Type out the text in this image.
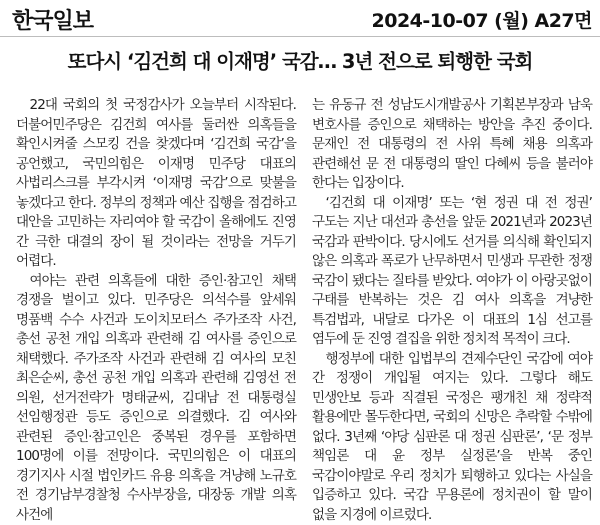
한국일보	2024-10-07 (월) A27면
또다시 ‘김건희 대 이재명’ 국감… 3년 전으로 퇴행한 국회

22대 국회의 첫 국정감사가 오늘부터 시작된다. 더불어민주당은 김건희 여사를 둘러싼 의혹들을 확인시켜줄 스모킹 건을 찾겠다며 ‘김건희 국감’을 공언했고, 국민의힘은 이재명 민주당 대표의 사법리스크를 부각시켜 ‘이재명 국감’으로 맞불을 놓겠다고 한다. 정부의 정책과 예산 집행을 점검하고 대안을 고민하는 자리여야 할 국감이 올해에도 진영 간 극한 대결의 장이 될 것이라는 전망을 거두기 어렵다.

여야는 관련 의혹들에 대한 증인·참고인 채택 경쟁을 벌이고 있다. 민주당은 의석수를 앞세워 명품백 수수 사건과 도이치모터스 주가조작 사건, 총선 공천 개입 의혹과 관련해 김 여사를 증인으로 채택했다. 주가조작 사건과 관련해 김 여사의 모친 최은순씨, 총선 공천 개입 의혹과 관련해 김영선 전 의원, 선거전략가 명태균씨, 김대남 전 대통령실 선임행정관 등도 증인으로 의결했다. 김 여사와 관련된 증인·참고인은 중복된 경우를 포함하면 100명에 이를 전망이다. 국민의힘은 이 대표의 경기지사 시절 법인카드 유용 의혹을 겨냥해 노규호 전 경기남부경찰청 수사부장을, 대장동 개발 의혹 사건에

는 유동규 전 성남도시개발공사 기획본부장과 남욱 변호사를 증인으로 채택하는 방안을 추진 중이다. 문재인 전 대통령의 전 사위 특혜 채용 의혹과 관련해선 문 전 대통령의 딸인 다혜씨 등을 불러야 한다는 입장이다.

‘김건희 대 이재명’ 또는 ‘현 정권 대 전 정권’ 구도는 지난 대선과 총선을 앞둔 2021년과 2023년 국감과 판박이다. 당시에도 선거를 의식해 확인되지 않은 의혹과 폭로가 난무하면서 민생과 무관한 정쟁 국감이 됐다는 질타를 받았다. 여야가 이 아랑곳없이 구태를 반복하는 것은 김 여사 의혹을 겨냥한 특검법과, 내달로 다가온 이 대표의 1심 선고를 염두에 둔 진영 결집을 위한 정치적 목적이 크다.

행정부에 대한 입법부의 견제수단인 국감에 여야 간 정쟁이 개입될 여지는 있다. 그렇다 해도 민생안보 등과 직결된 국정은 팽개친 채 정략적 활용에만 몰두한다면, 국회의 신망은 추락할 수밖에 없다. 3년째 ‘야당 심판론 대 정권 심판론’, ‘문 정부 책임론 대 윤 정부 실정론’을 반복 중인 국감이야말로 우리 정치가 퇴행하고 있다는 사실을 입증하고 있다. 국감 무용론에 정치권이 할 말이 없을 지경에 이르렀다.
